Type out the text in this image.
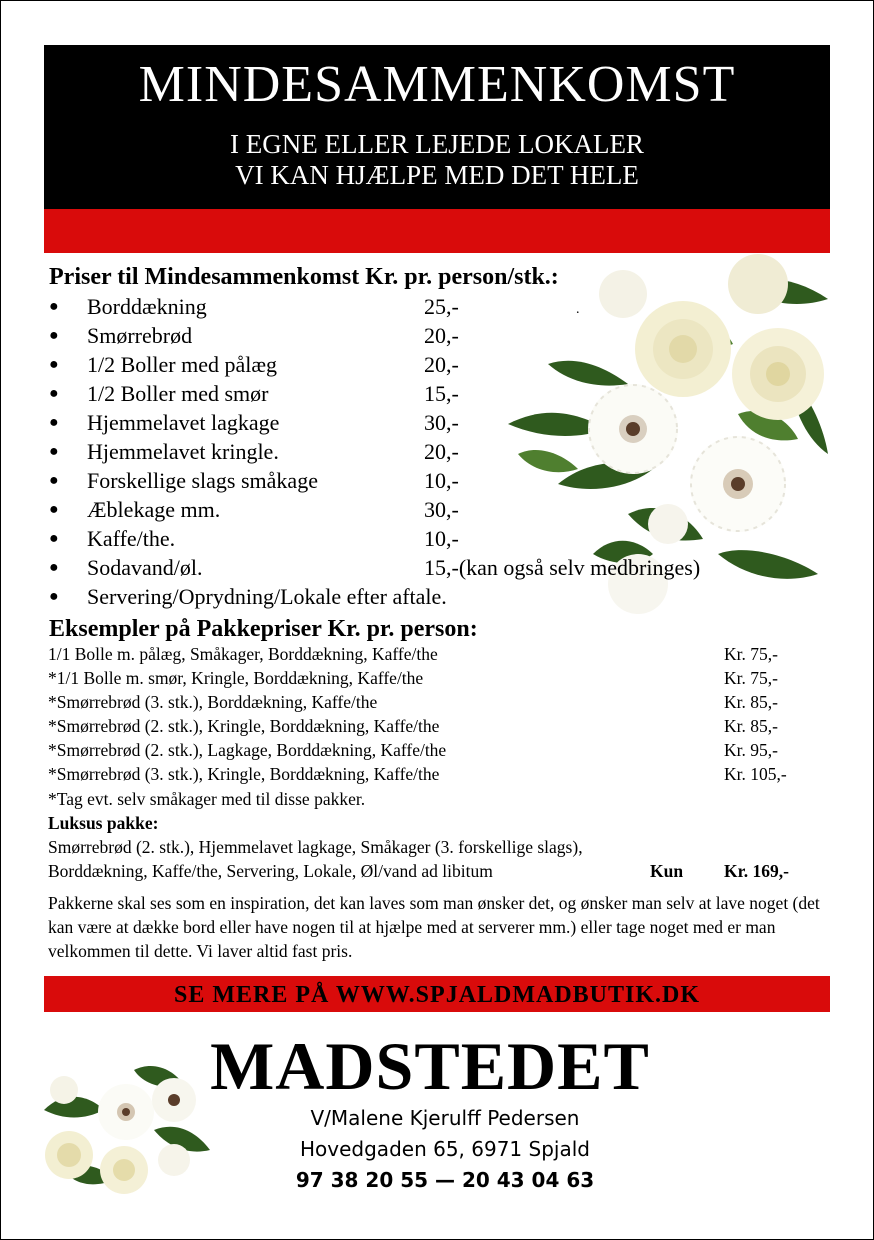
MINDESAMMENKOMST
I EGNE ELLER LEJEDE LOKALER
VI KAN HJÆLPE MED DET HELE
Priser til Mindesammenkomst Kr. pr. person/stk.:
.
● Borddækning	25,-
● Smørrebrød	20,-
● 1/2 Boller med pålæg	20,-
● 1/2 Boller med smør	15,-
● Hjemmelavet lagkage	30,-
● Hjemmelavet kringle.	20,-
● Forskellige slags småkage	10,-
● Æblekage mm.	30,-
● Kaffe/the.	10,-
● Sodavand/øl.	15,-(kan også selv medbringes)
● Servering/Oprydning/Lokale efter aftale.
Eksempler på Pakkepriser Kr. pr. person:
1/1 Bolle m. pålæg, Småkager, Borddækning, Kaffe/the	Kr. 75,-
*1/1 Bolle m. smør, Kringle, Borddækning, Kaffe/the	Kr. 75,-
*Smørrebrød (3. stk.), Borddækning, Kaffe/the	Kr. 85,-
*Smørrebrød (2. stk.), Kringle, Borddækning, Kaffe/the	Kr. 85,-
*Smørrebrød (2. stk.), Lagkage, Borddækning, Kaffe/the	Kr. 95,-
*Smørrebrød (3. stk.), Kringle, Borddækning, Kaffe/the	Kr. 105,-
*Tag evt. selv småkager med til disse pakker.
Luksus pakke:
Smørrebrød (2. stk.), Hjemmelavet lagkage, Småkager (3. forskellige slags),
Borddækning, Kaffe/the, Servering, Lokale, Øl/vand ad libitum	Kun Kr. 169,-
Pakkerne skal ses som en inspiration, det kan laves som man ønsker det, og ønsker man selv at lave noget (det kan være at dække bord eller have nogen til at hjælpe med at serverer mm.) eller tage noget med er man velkommen til dette. Vi laver altid fast pris.
SE MERE PÅ WWW.SPJALDMADBUTIK.DK
MADSTEDET
V/Malene Kjerulff Pedersen
Hovedgaden 65, 6971 Spjald
97 38 20 55 — 20 43 04 63
